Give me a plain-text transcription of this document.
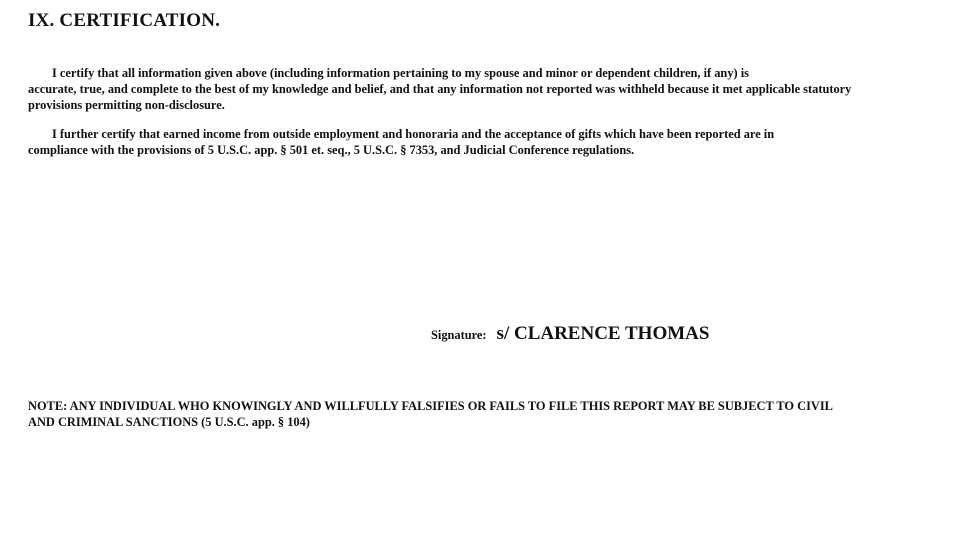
IX. CERTIFICATION.

I certify that all information given above (including information pertaining to my spouse and minor or dependent children, if any) is
accurate, true, and complete to the best of my knowledge and belief, and that any information not reported was withheld because it met applicable statutory
provisions permitting non-disclosure.

I further certify that earned income from outside employment and honoraria and the acceptance of gifts which have been reported are in
compliance with the provisions of 5 U.S.C. app. § 501 et. seq., 5 U.S.C. § 7353, and Judicial Conference regulations.

Signature: s/ CLARENCE THOMAS

NOTE: ANY INDIVIDUAL WHO KNOWINGLY AND WILLFULLY FALSIFIES OR FAILS TO FILE THIS REPORT MAY BE SUBJECT TO CIVIL
AND CRIMINAL SANCTIONS (5 U.S.C. app. § 104)
